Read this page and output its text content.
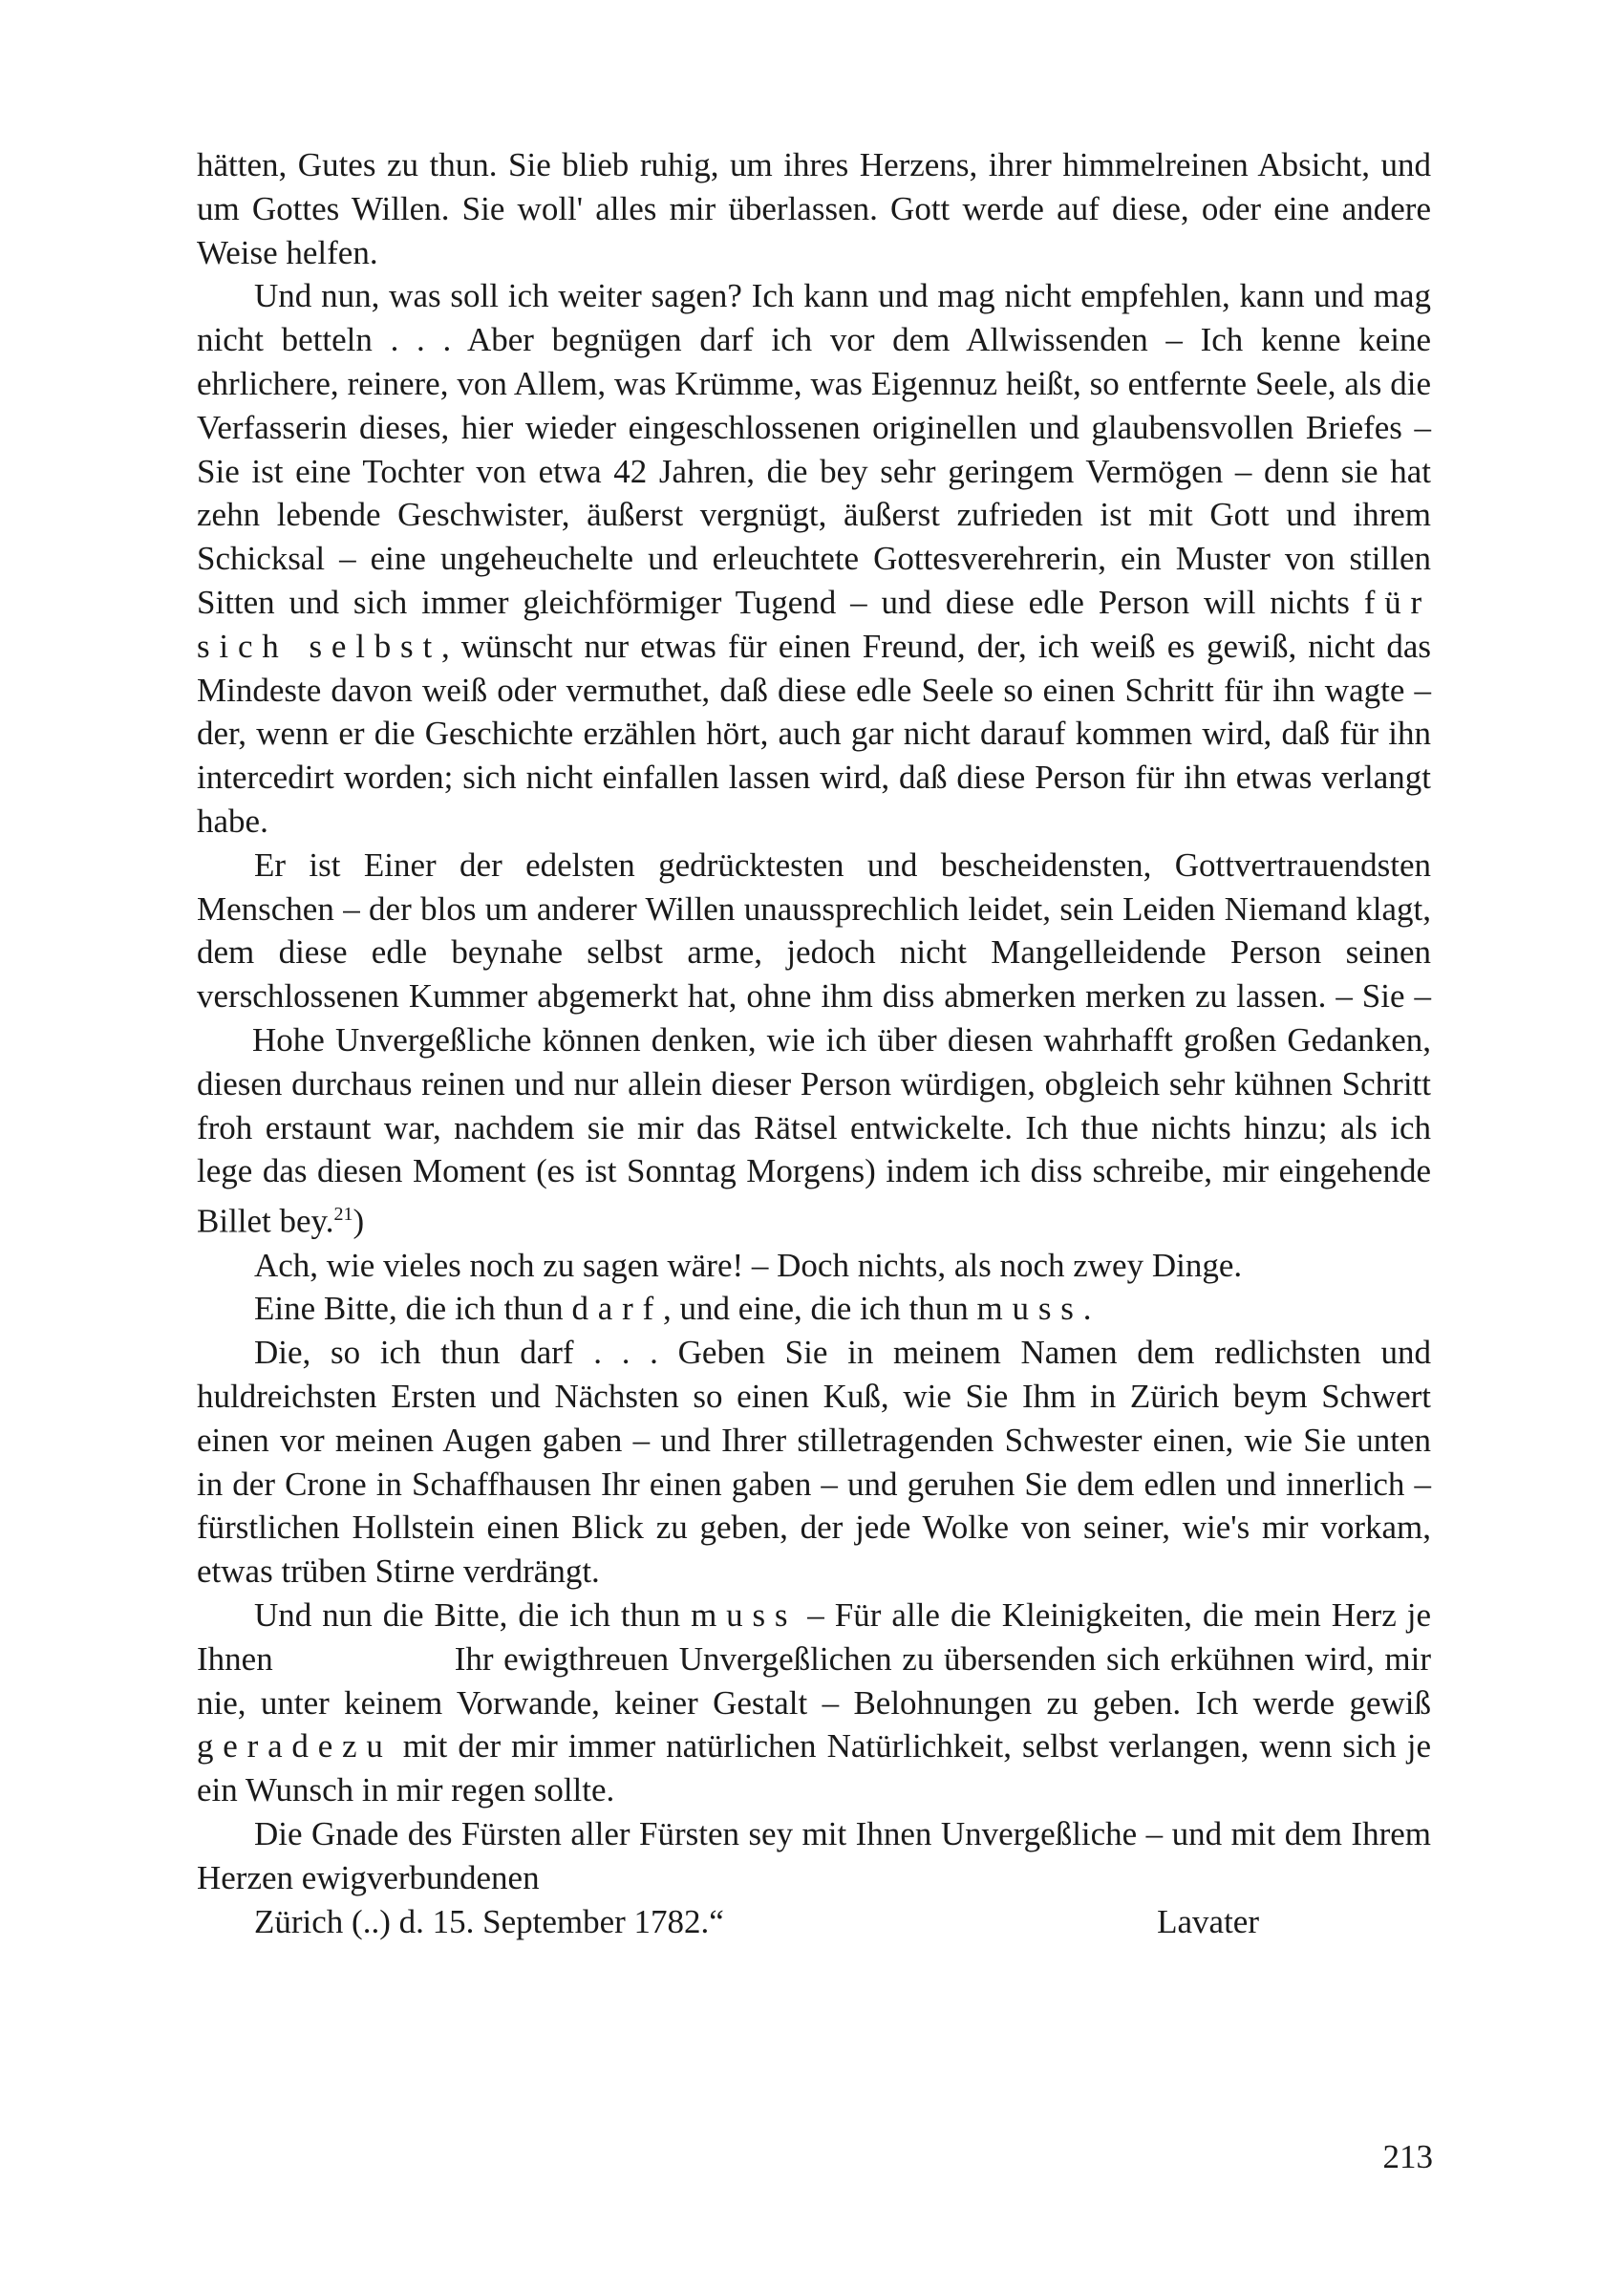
hätten, Gutes zu thun. Sie blieb ruhig, um ihres Herzens, ihrer himmelreinen Absicht, und um Gottes Willen. Sie woll' alles mir überlassen. Gott werde auf diese, oder eine andere Weise helfen.

Und nun, was soll ich weiter sagen? Ich kann und mag nicht empfehlen, kann und mag nicht betteln . . . Aber begnügen darf ich vor dem Allwissenden – Ich kenne keine ehrlichere, reinere, von Allem, was Krümme, was Eigennuz heißt, so entfernte Seele, als die Verfasserin dieses, hier wieder eingeschlossenen originellen und glaubensvollen Briefes – Sie ist eine Tochter von etwa 42 Jahren, die bey sehr geringem Vermögen – denn sie hat zehn lebende Geschwister, äußerst vergnügt, äußerst zufrieden ist mit Gott und ihrem Schicksal – eine ungeheuchelte und erleuchtete Gottesverehrerin, ein Muster von stillen Sitten und sich immer gleichförmiger Tugend – und diese edle Person will nichts für sich selbst, wünscht nur etwas für einen Freund, der, ich weiß es gewiß, nicht das Mindeste davon weiß oder vermuthet, daß diese edle Seele so einen Schritt für ihn wagte – der, wenn er die Geschichte erzählen hört, auch gar nicht darauf kommen wird, daß für ihn intercedirt worden; sich nicht einfallen lassen wird, daß diese Person für ihn etwas verlangt habe.

Er ist Einer der edelsten gedrücktesten und bescheidensten, Gottvertrauendsten Menschen – der blos um anderer Willen unaussprechlich leidet, sein Leiden Niemand klagt, dem diese edle beynahe selbst arme, jedoch nicht Mangelleidende Person seinen verschlossenen Kummer abgemerkt hat, ohne ihm diss abmerken merken zu lassen. – Sie –Hohe Unvergeßliche können denken, wie ich über diesen wahrhafft großen Gedanken, diesen durchaus reinen und nur allein dieser Person würdigen, obgleich sehr kühnen Schritt froh erstaunt war, nachdem sie mir das Rätsel entwickelte. Ich thue nichts hinzu; als ich lege das diesen Moment (es ist Sonntag Morgens) indem ich diss schreibe, mir eingehende Billet bey.$^{21}$)

Ach, wie vieles noch zu sagen wäre! – Doch nichts, als noch zwey Dinge.

Eine Bitte, die ich thun darf, und eine, die ich thun muss.

Die, so ich thun darf . . . Geben Sie in meinem Namen dem redlichsten und huldreichsten Ersten und Nächsten so einen Kuß, wie Sie Ihm in Zürich beym Schwert einen vor meinen Augen gaben – und Ihrer stilletragenden Schwester einen, wie Sie unten in der Crone in Schaffhausen Ihr einen gaben – und geruhen Sie dem edlen und innerlich – fürstlichen Hollstein einen Blick zu geben, der jede Wolke von seiner, wie's mir vorkam, etwas trüben Stirne verdrängt.

Und nun die Bitte, die ich thun muss – Für alle die Kleinigkeiten, die mein Herz je Ihnen	Ihr ewigthreuen Unvergeßlichen zu übersenden sich erkühnen wird, mir nie, unter keinem Vorwande, keiner Gestalt – Belohnungen zu geben. Ich werde gewiß geradezu mit der mir immer natürlichen Natürlichkeit, selbst verlangen, wenn sich je ein Wunsch in mir regen sollte.

Die Gnade des Fürsten aller Fürsten sey mit Ihnen Unvergeßliche – und mit dem Ihrem Herzen ewigverbundenen

Zürich (..) d. 15. September 1782.“	Lavater
213
